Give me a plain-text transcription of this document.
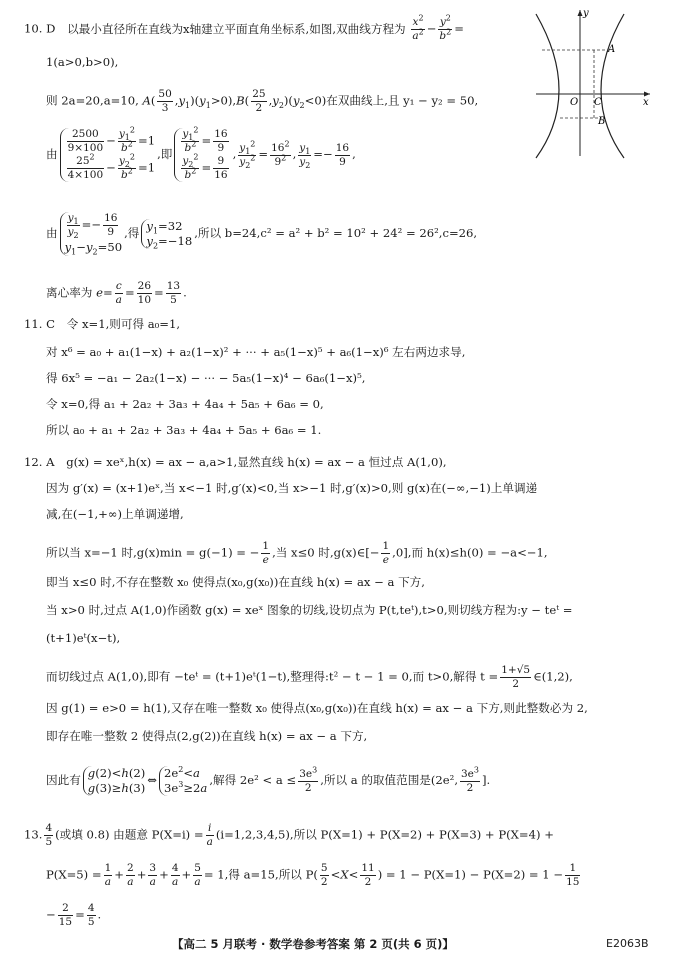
10. D 以最小直径所在直线为x轴建立平面直角坐标系,如图,双曲线方程为 $\frac{x^2}{a^2} - \frac{y^2}{b^2}$ =
1(a>0,b>0),
则 2a=20,a=10, $A( \frac{50}{3} ,y_1)(y_1>0),B( \frac{25}{2} ,y_2)(y_2<0)$在双曲线上,且 y₁ − y₂ = 50,
由 $\frac{2500}{9\times 100} - \frac{y_1^2}{b^2} =1$
$\frac{25^2}{4\times 100} - \frac{y_2^2}{b^2} =1$
,即 $\frac{y_1^2}{b^2} = \frac{16}{9}$
$\frac{y_2^2}{b^2} = \frac{9}{16}$
, $\frac{y_1^2}{y_2^2} = \frac{16^2}{9^2}$ , $\frac{y_1}{y_2} =- \frac{16}{9}$ ,
由 $\frac{y_1}{y_2} =- \frac{16}{9}$
$y_1-y_2=50$
,得 $y_1=32$
$y_2=-18$
,所以 b=24,c² = a² + b² = 10² + 24² = 26²,c=26,
离心率为 $e= \frac{c}{a} = \frac{26}{10} = \frac{13}{5}$ .
y
x
O
A
B
C
11. C 令 x=1,则可得 a₀=1,
对 x⁶ = a₀ + a₁(1−x) + a₂(1−x)² + ··· + a₅(1−x)⁵ + a₆(1−x)⁶ 左右两边求导,
得 6x⁵ = −a₁ − 2a₂(1−x) − ··· − 5a₅(1−x)⁴ − 6a₆(1−x)⁵,
令 x=0,得 a₁ + 2a₂ + 3a₃ + 4a₄ + 5a₅ + 6a₆ = 0,
所以 a₀ + a₁ + 2a₂ + 3a₃ + 4a₄ + 5a₅ + 6a₆ = 1.
12. A g(x) = xeˣ,h(x) = ax − a,a>1,显然直线 h(x) = ax − a 恒过点 A(1,0),
因为 g′(x) = (x+1)eˣ,当 x<−1 时,g′(x)<0,当 x>−1 时,g′(x)>0,则 g(x)在(−∞,−1)上单调递
减,在(−1,+∞)上单调递增,
所以当 x=−1 时,g(x)min = g(−1) = − $\frac{1}{e}$ ,当 x≤0 时,g(x)∈[− $\frac{1}{e} ,0$],而 h(x)≤h(0) = −a<−1,
即当 x≤0 时,不存在整数 x₀ 使得点(x₀,g(x₀))在直线 h(x) = ax − a 下方,
当 x>0 时,过点 A(1,0)作函数 g(x) = xeˣ 图象的切线,设切点为 P(t,teᵗ),t>0,则切线方程为:y − teᵗ =
(t+1)eᵗ(x−t),
而切线过点 A(1,0),即有 −teᵗ = (t+1)eᵗ(1−t),整理得:t² − t − 1 = 0,而 t>0,解得 $t = \frac{1+√5}{2}$ ∈(1,2),
因 g(1) = e>0 = h(1),又存在唯一整数 x₀ 使得点(x₀,g(x₀))在直线 h(x) = ax − a 下方,则此整数必为 2,
即存在唯一整数 2 使得点(2,g(2))在直线 h(x) = ax − a 下方,
因此有 g(2)<h(2)
g(3)≥h(3)
⇔ $2e^2<a$
$3e^3\ge 2a$
,解得 $2e^2 < a \le \frac{3e^3}{2}$ ,所以 a 的取值范围是(2e², $\frac{3e^3}{2}$ ].
13. $\frac{4}{5}$ (或填 0.8) 由题意 $P(X=i) = \frac{i}{a} (i=1,2,3,4,5)$,所以 P(X=1) + P(X=2) + P(X=3) + P(X=4) +
$P(X=5) = \frac{1}{a} + \frac{2}{a} + \frac{3}{a} + \frac{4}{a} + \frac{5}{a} = 1$,得 a=15,所以 $P( \frac{5}{2} <X< \frac{11}{2}$ ) = $1 - P(X=1) - P(X=2) = 1 - \frac{1}{15}$
− $\frac{2}{15} = \frac{4}{5}$ .
【高二 5 月联考 · 数学卷参考答案 第 2 页(共 6 页)】	E2063B
